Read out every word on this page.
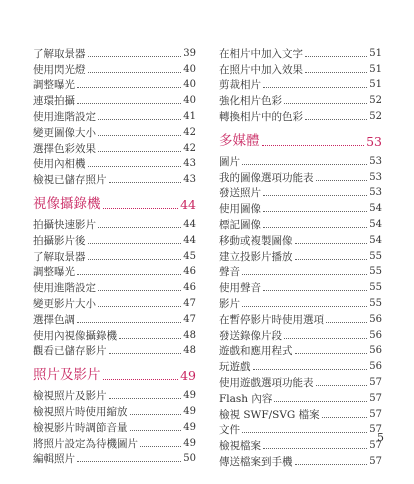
了解取景器	39
使用閃光燈	40
調整曝光	40
連環拍攝	40
使用進階設定	41
變更圖像大小	42
選擇色彩效果	42
使用內相機	43
檢視已儲存照片	43
視像攝錄機	44
拍攝快速影片	44
拍攝影片後	44
了解取景器	45
調整曝光	46
使用進階設定	46
變更影片大小	47
選擇色調	47
使用內視像攝錄機	48
觀看已儲存影片	48
照片及影片	49
檢視照片及影片	49
檢視照片時使用縮放	49
檢視影片時調節音量	49
將照片設定為待機圖片	49
編輯照片	50
在相片中加入文字	51
在照片中加入效果	51
剪裁相片	51
強化相片色彩	52
轉換相片中的色彩	52
多媒體	53
圖片	53
我的圖像選項功能表	53
發送照片	53
使用圖像	54
標記圖像	54
移動或複製圖像	54
建立投影片播放	55
聲音	55
使用聲音	55
影片	55
在暫停影片時使用選項	56
發送錄像片段	56
遊戲和應用程式	56
玩遊戲	56
使用遊戲選項功能表	57
Flash 內容	57
檢視 SWF/SVG 檔案	57
文件	57
檢視檔案	57
傳送檔案到手機	57
5
